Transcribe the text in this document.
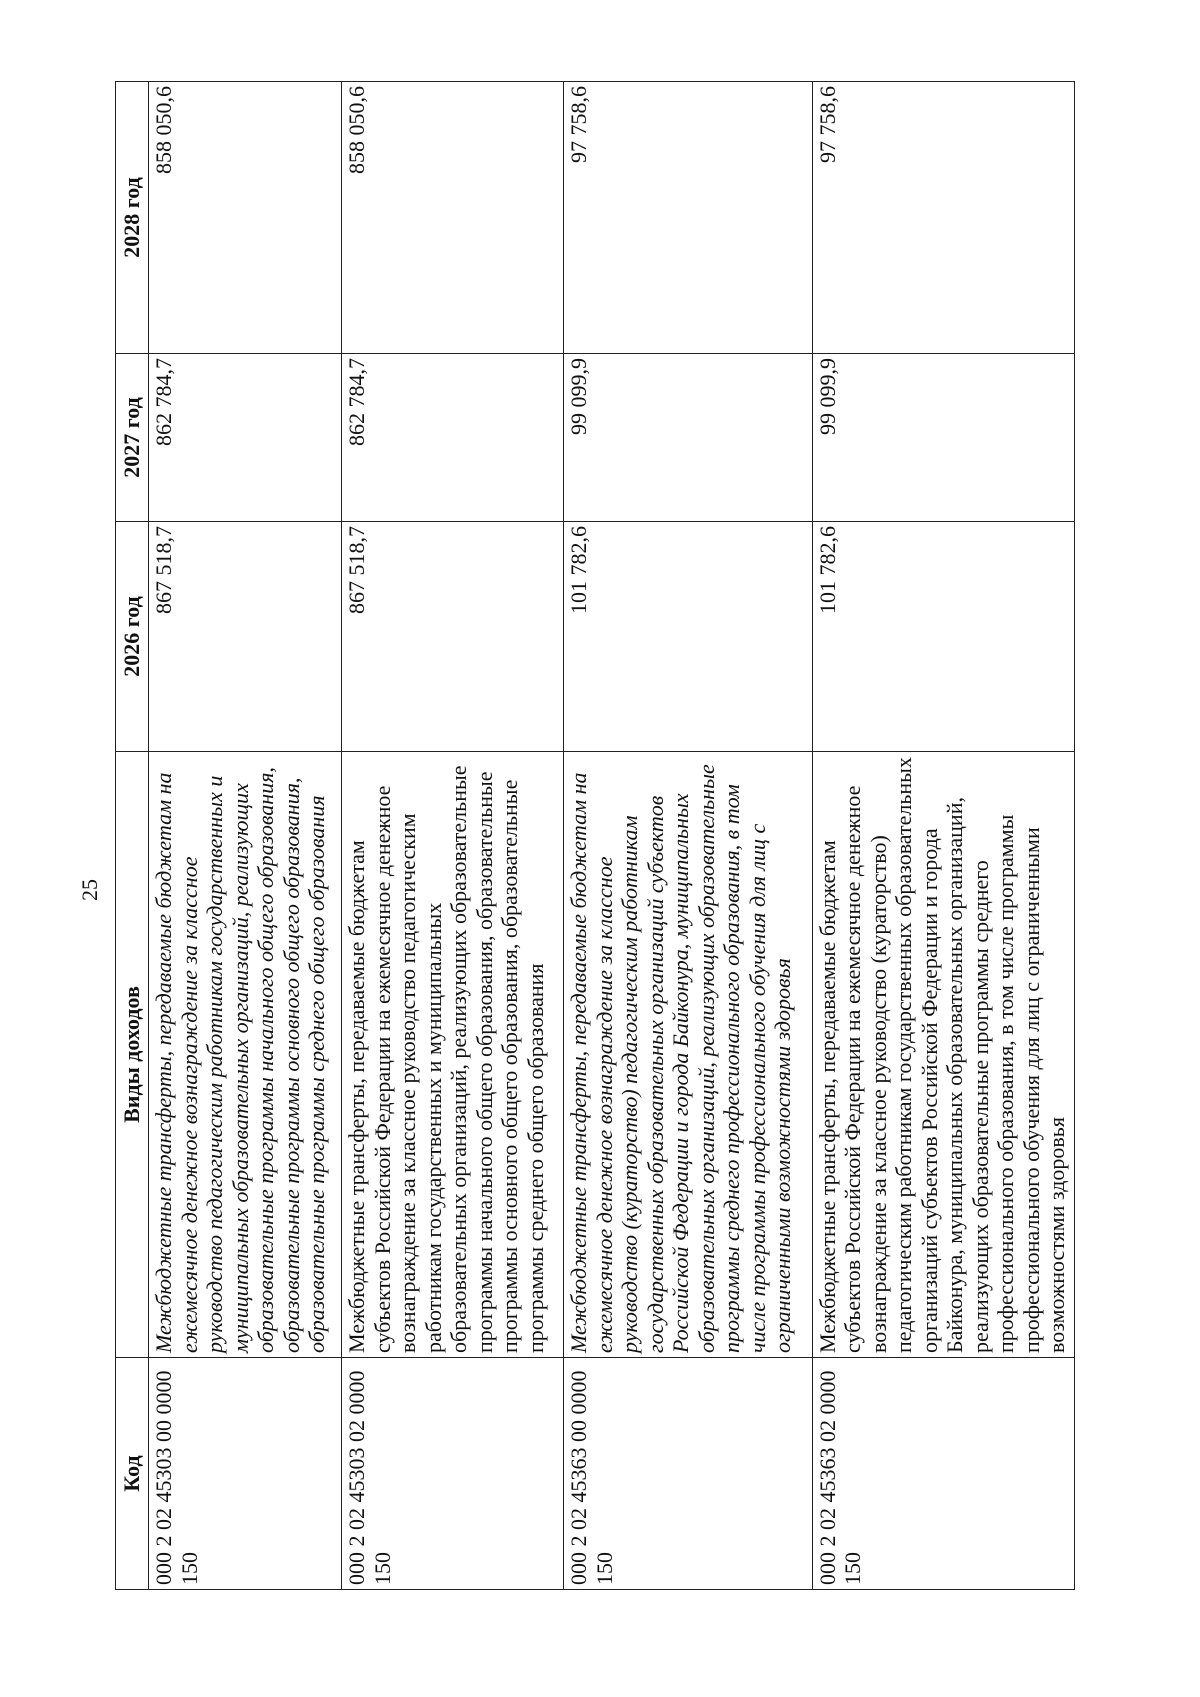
25
Код	Виды доходов	2026 год	2027 год	2028 год
000 2 02 45303 00 0000 150	Межбюджетные трансферты, передаваемые бюджетам на ежемесячное денежное вознаграждение за классное руководство педагогическим работникам государственных и муниципальных образовательных организаций, реализующих образовательные программы начального общего образования, образовательные программы основного общего образования, образовательные программы среднего общего образования	867 518,7	862 784,7	858 050,6
000 2 02 45303 02 0000 150	Межбюджетные трансферты, передаваемые бюджетам субъектов Российской Федерации на ежемесячное денежное вознаграждение за классное руководство педагогическим работникам государственных и муниципальных образовательных организаций, реализующих образовательные программы начального общего образования, образовательные программы основного общего образования, образовательные программы среднего общего образования	867 518,7	862 784,7	858 050,6
000 2 02 45363 00 0000 150	Межбюджетные трансферты, передаваемые бюджетам на ежемесячное денежное вознаграждение за классное руководство (кураторство) педагогическим работникам государственных образовательных организаций субъектов Российской Федерации и города Байконура, муниципальных образовательных организаций, реализующих образовательные программы среднего профессионального образования, в том числе программы профессионального обучения для лиц с ограниченными возможностями здоровья	101 782,6	99 099,9	97 758,6
000 2 02 45363 02 0000 150	Межбюджетные трансферты, передаваемые бюджетам субъектов Российской Федерации на ежемесячное денежное вознаграждение за классное руководство (кураторство) педагогическим работникам государственных образовательных организаций субъектов Российской Федерации и города Байконура, муниципальных образовательных организаций, реализующих образовательные программы среднего профессионального образования, в том числе программы профессионального обучения для лиц с ограниченными возможностями здоровья	101 782,6	99 099,9	97 758,6
